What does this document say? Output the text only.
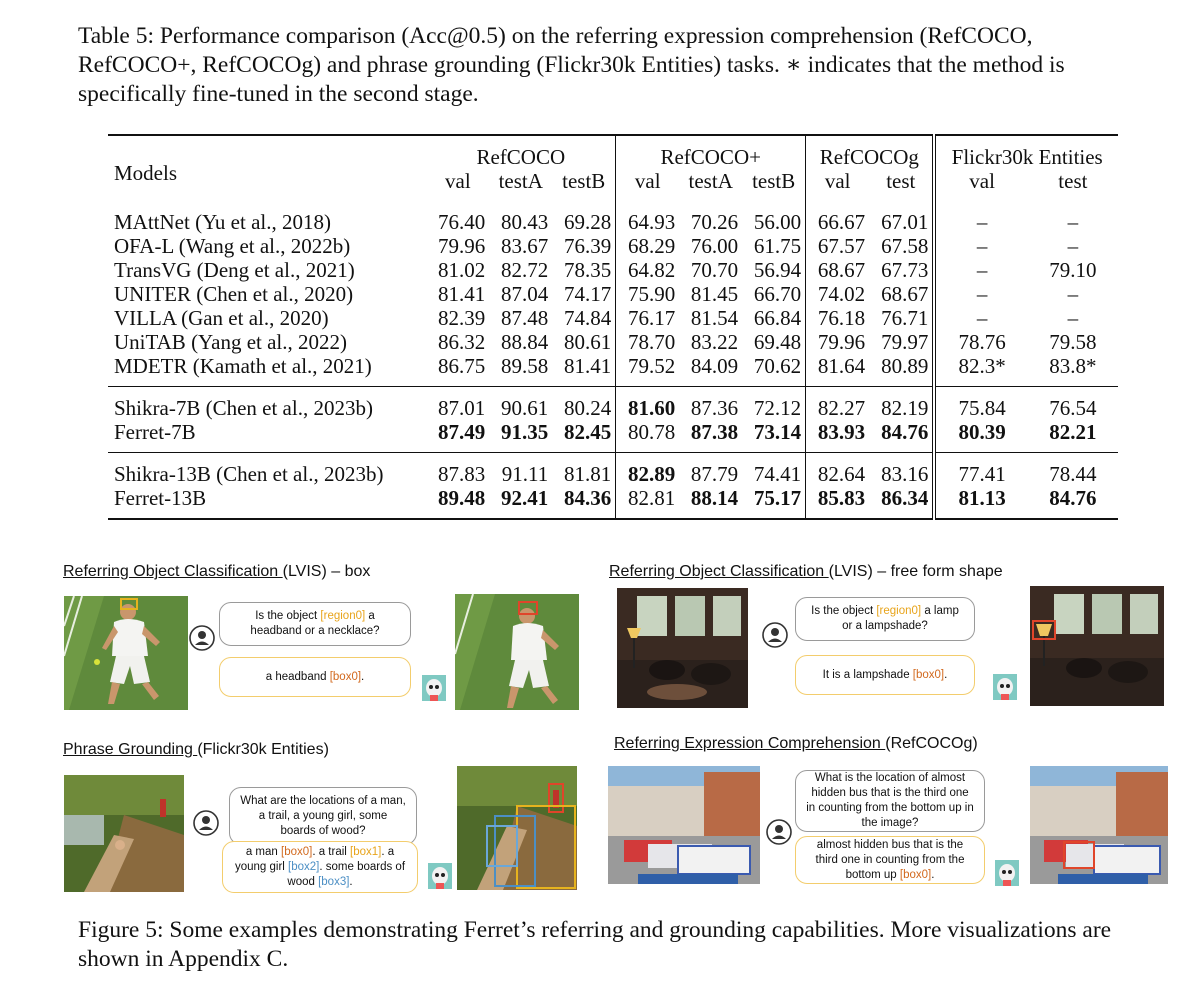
Table 5: Performance comparison (Acc@0.5) on the referring expression comprehension (RefCOCO, RefCOCO+, RefCOCOg) and phrase grounding (Flickr30k Entities) tasks. ∗ indicates that the method is specifically fine-tuned in the second stage.
Models	RefCOCO			RefCOCO+			RefCOCOg		Flickr30k Entities	
	val	testA	testB	val	testA	testB	val	test	val	test
MAttNet (Yu et al., 2018)	76.40	80.43	69.28	64.93	70.26	56.00	66.67	67.01	–	–
OFA-L (Wang et al., 2022b)	79.96	83.67	76.39	68.29	76.00	61.75	67.57	67.58	–	–
TransVG (Deng et al., 2021)	81.02	82.72	78.35	64.82	70.70	56.94	68.67	67.73	–	79.10
UNITER (Chen et al., 2020)	81.41	87.04	74.17	75.90	81.45	66.70	74.02	68.67	–	–
VILLA (Gan et al., 2020)	82.39	87.48	74.84	76.17	81.54	66.84	76.18	76.71	–	–
UniTAB (Yang et al., 2022)	86.32	88.84	80.61	78.70	83.22	69.48	79.96	79.97	78.76	79.58
MDETR (Kamath et al., 2021)	86.75	89.58	81.41	79.52	84.09	70.62	81.64	80.89	82.3*	83.8*
Shikra-7B (Chen et al., 2023b)	87.01	90.61	80.24	81.60	87.36	72.12	82.27	82.19	75.84	76.54
Ferret-7B	87.49	91.35	82.45	80.78	87.38	73.14	83.93	84.76	80.39	82.21
Shikra-13B (Chen et al., 2023b)	87.83	91.11	81.81	82.89	87.79	74.41	82.64	83.16	77.41	78.44
Ferret-13B	89.48	92.41	84.36	82.81	88.14	75.17	85.83	86.34	81.13	84.76
Referring Object Classification (LVIS) – box
Is the object [region0] a headband or a necklace?
a headband [box0].
Referring Object Classification (LVIS) – free form shape
Is the object [region0] a lamp or a lampshade?
It is a lampshade [box0].
Phrase Grounding (Flickr30k Entities)
What are the locations of a man, a trail, a young girl, some boards of wood?
a man [box0]. a trail [box1]. a young girl [box2]. some boards of wood [box3].
Referring Expression Comprehension (RefCOCOg)
What is the location of almost hidden bus that is the third one in counting from the bottom up in the image?
almost hidden bus that is the third one in counting from the bottom up [box0].
Figure 5: Some examples demonstrating Ferret’s referring and grounding capabilities. More visualizations are shown in Appendix C.
